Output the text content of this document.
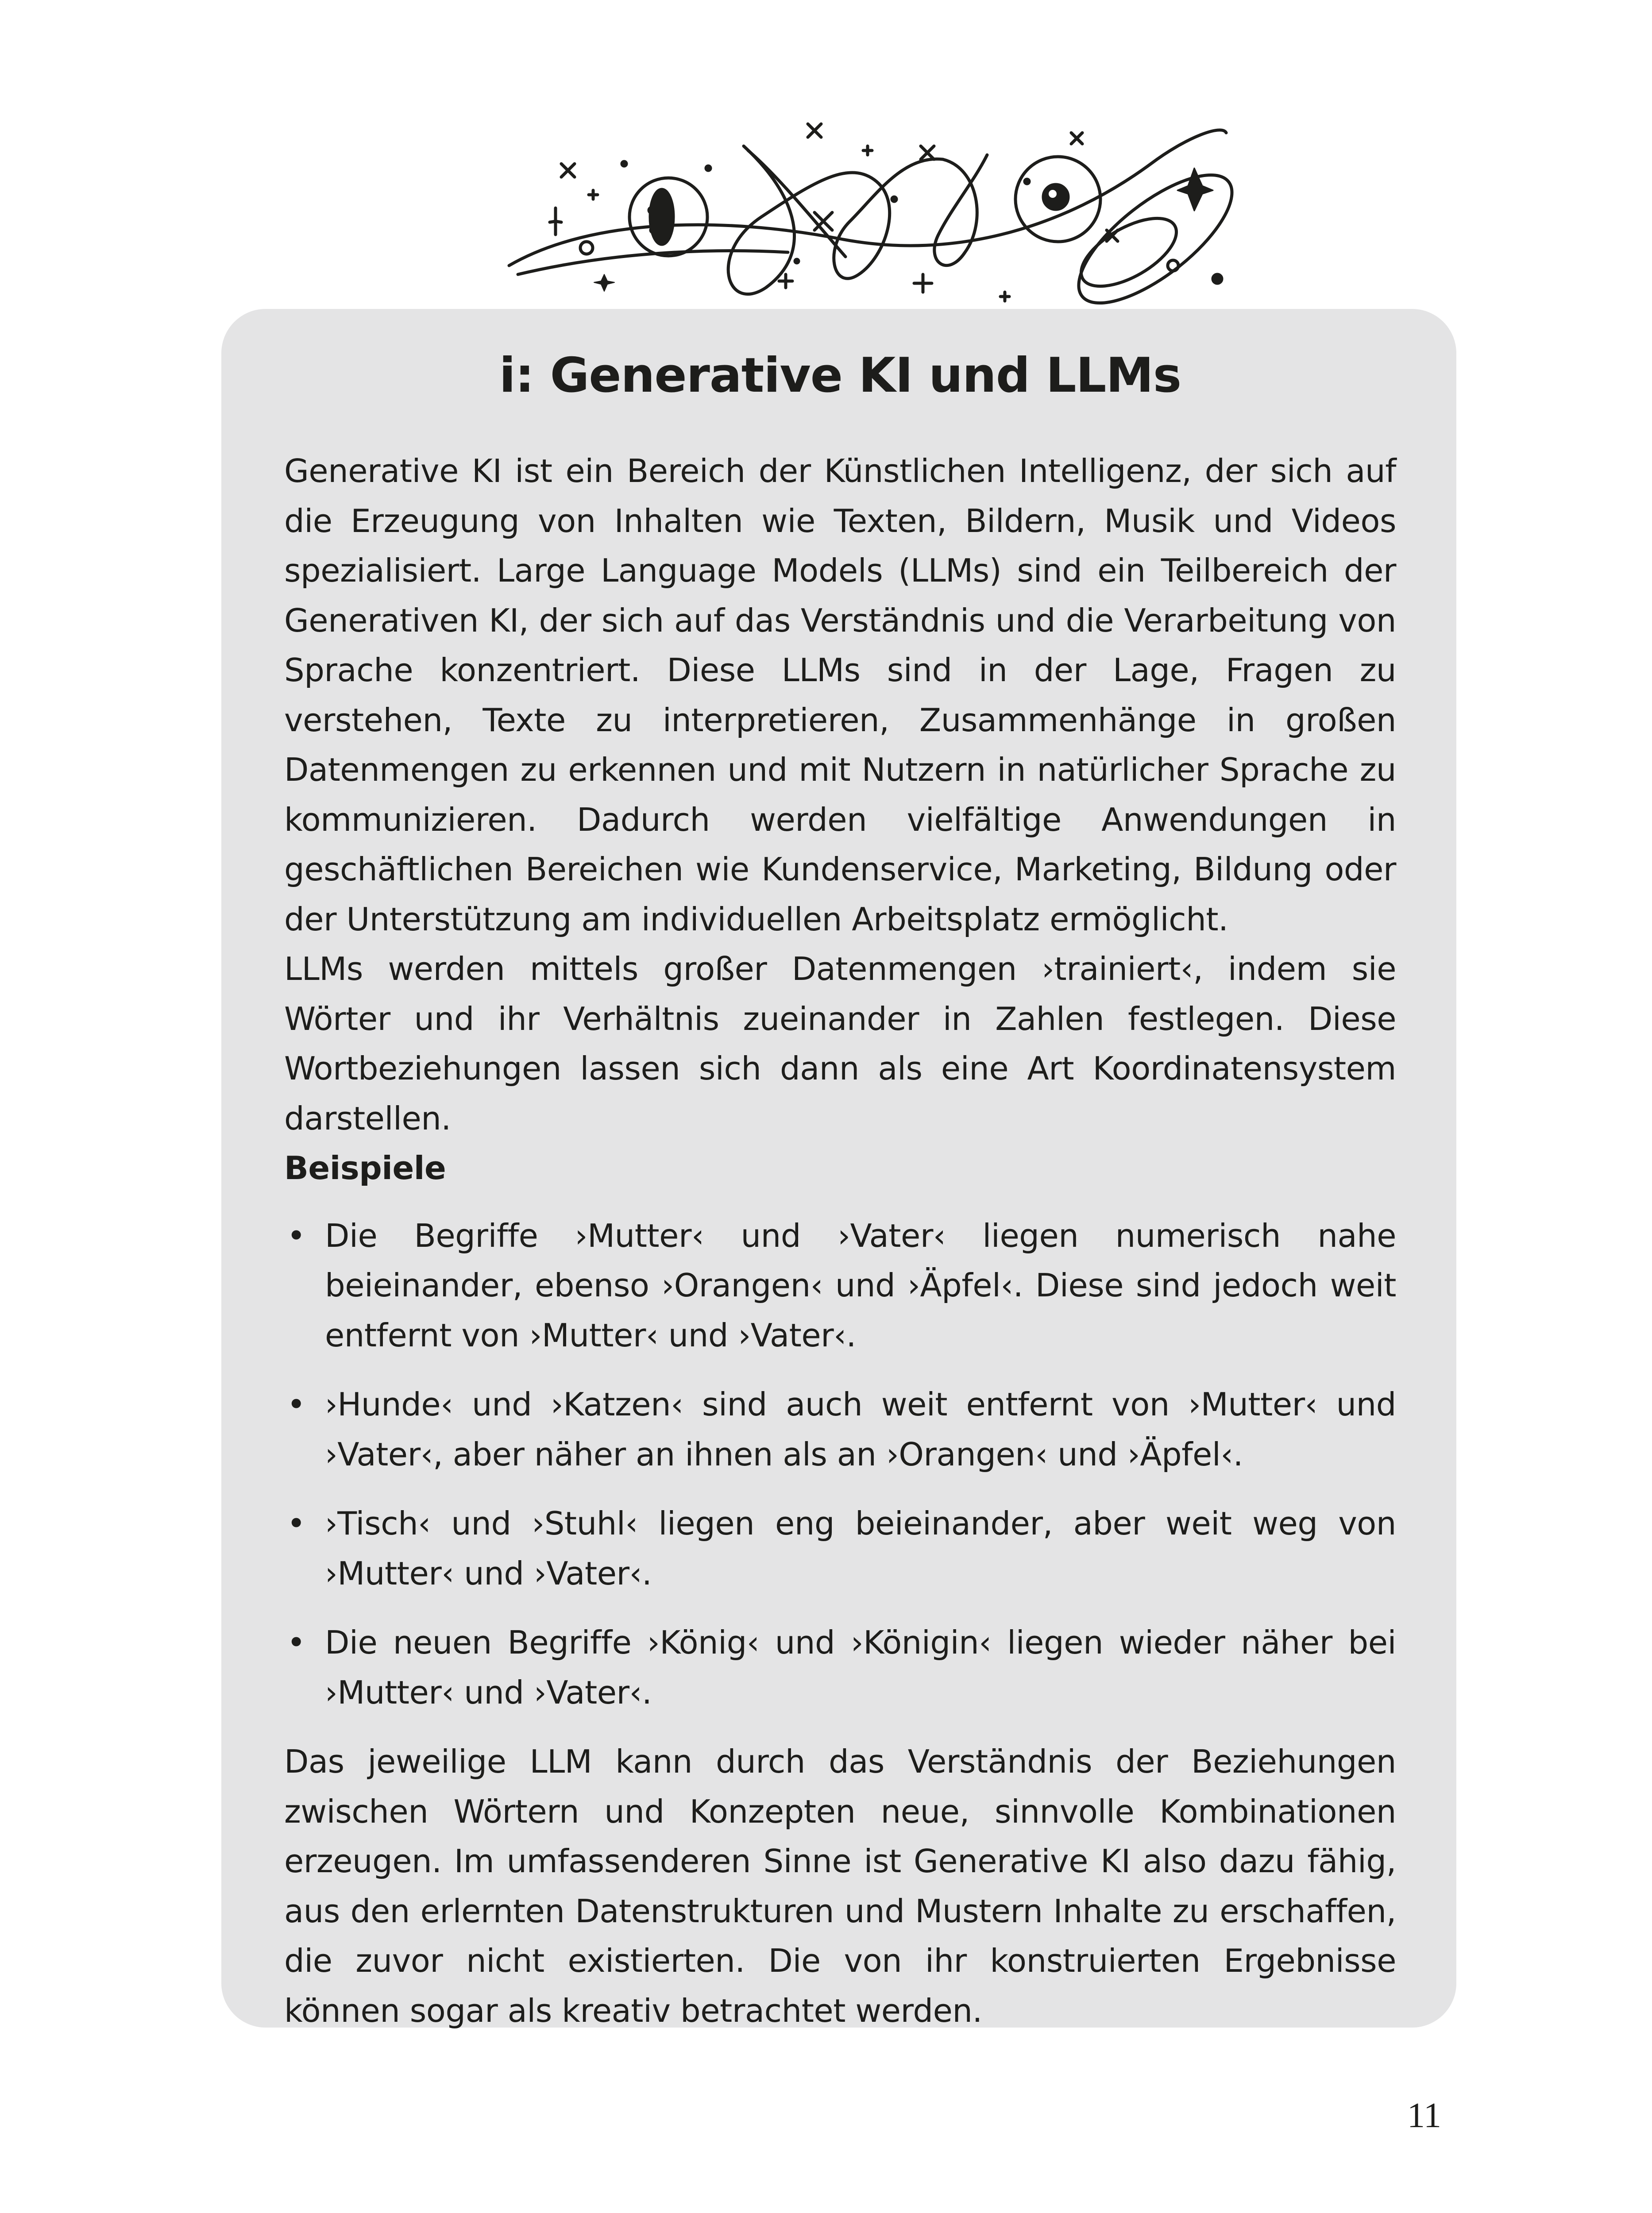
i: Generative KI und LLMs

Generative KI ist ein Bereich der Künstlichen Intelligenz, der sich auf die Erzeugung von Inhalten wie Texten, Bildern, Musik und Videos spezialisiert. Large Language Models (LLMs) sind ein Teilbereich der Generativen KI, der sich auf das Verständnis und die Verarbeitung von Sprache konzentriert. Diese LLMs sind in der Lage, Fragen zu verstehen, Texte zu interpretieren, Zusammenhänge in großen Datenmengen zu erkennen und mit Nutzern in natürlicher Sprache zu kommunizieren. Dadurch werden vielfältige Anwendungen in geschäftlichen Bereichen wie Kundenservice, Marketing, Bildung oder der Unterstützung am individuellen Arbeitsplatz ermöglicht.

LLMs werden mittels großer Datenmengen ›trainiert‹, indem sie Wörter und ihr Verhältnis zueinander in Zahlen festlegen. Diese Wortbeziehungen lassen sich dann als eine Art Koordinatensystem darstellen.

Beispiele
• Die Begriffe ›Mutter‹ und ›Vater‹ liegen numerisch nahe beieinander, ebenso ›Orangen‹ und ›Äpfel‹. Diese sind jedoch weit entfernt von ›Mutter‹ und ›Vater‹.
• ›Hunde‹ und ›Katzen‹ sind auch weit entfernt von ›Mutter‹ und ›Vater‹, aber näher an ihnen als an ›Orangen‹ und ›Äpfel‹.
• ›Tisch‹ und ›Stuhl‹ liegen eng beieinander, aber weit weg von ›Mutter‹ und ›Vater‹.
• Die neuen Begriffe ›König‹ und ›Königin‹ liegen wieder näher bei ›Mutter‹ und ›Vater‹.

Das jeweilige LLM kann durch das Verständnis der Beziehungen zwischen Wörtern und Konzepten neue, sinnvolle Kombinationen erzeugen. Im umfassenderen Sinne ist Generative KI also dazu fähig, aus den erlernten Datenstrukturen und Mustern Inhalte zu erschaffen, die zuvor nicht existierten. Die von ihr konstruierten Ergebnisse können sogar als kreativ betrachtet werden.

11
